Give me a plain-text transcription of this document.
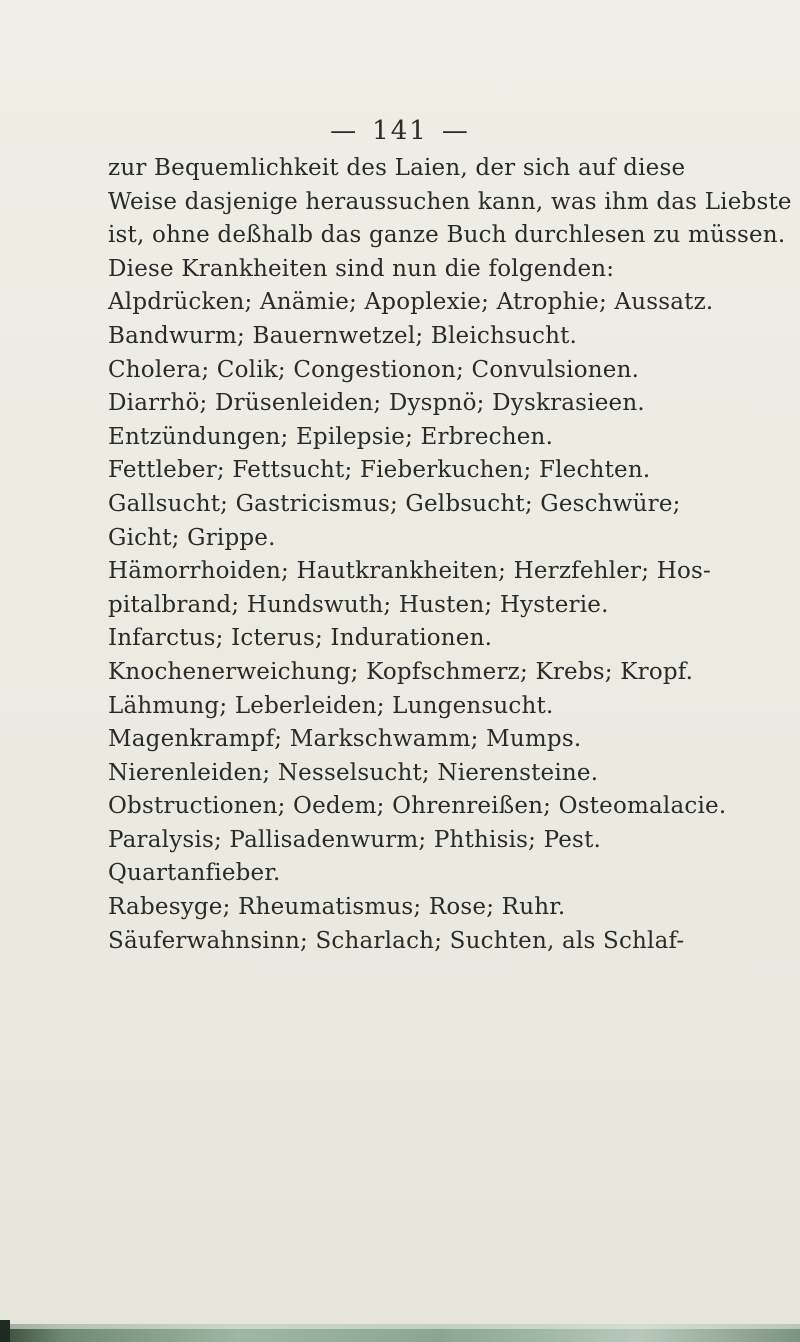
— 141 —
zur Bequemlichkeit des Laien, der sich auf diese
Weise dasjenige heraussuchen kann, was ihm das Liebste
ist, ohne deßhalb das ganze Buch durchlesen zu müssen.
Diese Krankheiten sind nun die folgenden:
Alpdrücken; Anämie; Apoplexie; Atrophie; Aussatz.
Bandwurm; Bauernwetzel; Bleichsucht.
Cholera; Colik; Congestionon; Convulsionen.
Diarrhö; Drüsenleiden; Dyspnö; Dyskrasieen.
Entzündungen; Epilepsie; Erbrechen.
Fettleber; Fettsucht; Fieberkuchen; Flechten.
Gallsucht; Gastricismus; Gelbsucht; Geschwüre;
Gicht; Grippe.
Hämorrhoiden; Hautkrankheiten; Herzfehler; Hos-
pitalbrand; Hundswuth; Husten; Hysterie.
Infarctus; Icterus; Indurationen.
Knochenerweichung; Kopfschmerz; Krebs; Kropf.
Lähmung; Leberleiden; Lungensucht.
Magenkrampf; Markschwamm; Mumps.
Nierenleiden; Nesselsucht; Nierensteine.
Obstructionen; Oedem; Ohrenreißen; Osteomalacie.
Paralysis; Pallisadenwurm; Phthisis; Pest.
Quartanfieber.
Rabesyge; Rheumatismus; Rose; Ruhr.
Säuferwahnsinn; Scharlach; Suchten, als Schlaf-
